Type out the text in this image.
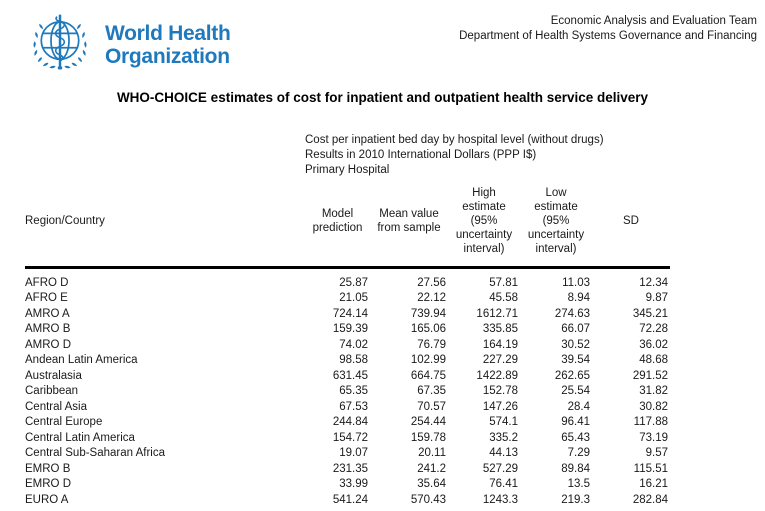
World Health
Organization
Economic Analysis and Evaluation Team
Department of Health Systems Governance and Financing
WHO-CHOICE estimates of cost for inpatient and outpatient health service delivery
Cost per inpatient bed day by hospital level (without drugs)
Results in 2010 International Dollars (PPP I$)
Primary Hospital
Region/Country	Model prediction	Mean value from sample	High estimate (95% uncertainty interval)	Low estimate (95% uncertainty interval)	SD
AFRO D	25.87	27.56	57.81	11.03	12.34
AFRO E	21.05	22.12	45.58	8.94	9.87
AMRO A	724.14	739.94	1612.71	274.63	345.21
AMRO B	159.39	165.06	335.85	66.07	72.28
AMRO D	74.02	76.79	164.19	30.52	36.02
Andean Latin America	98.58	102.99	227.29	39.54	48.68
Australasia	631.45	664.75	1422.89	262.65	291.52
Caribbean	65.35	67.35	152.78	25.54	31.82
Central Asia	67.53	70.57	147.26	28.4	30.82
Central Europe	244.84	254.44	574.1	96.41	117.88
Central Latin America	154.72	159.78	335.2	65.43	73.19
Central Sub-Saharan Africa	19.07	20.11	44.13	7.29	9.57
EMRO B	231.35	241.2	527.29	89.84	115.51
EMRO D	33.99	35.64	76.41	13.5	16.21
EURO A	541.24	570.43	1243.3	219.3	282.84
